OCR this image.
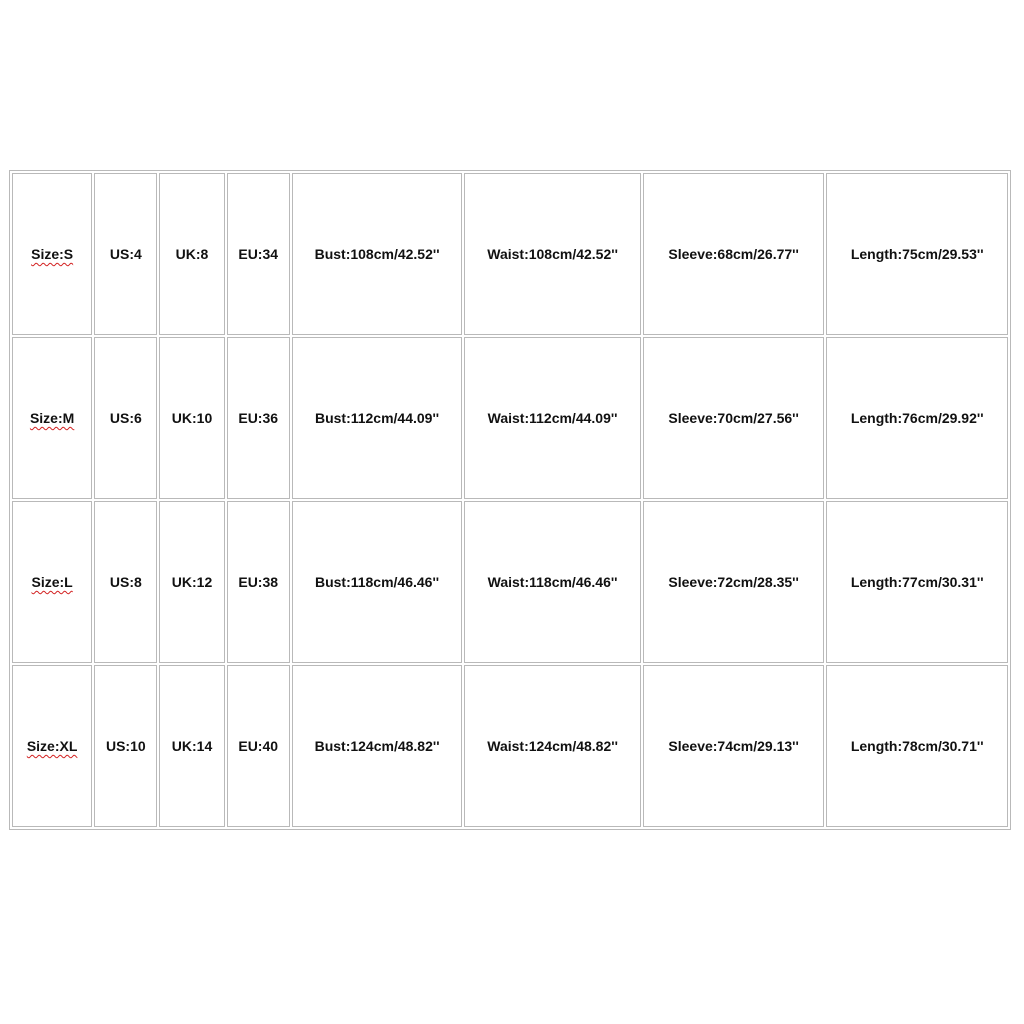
Size:S	US:4	UK:8	EU:34	Bust:108cm/42.52''	Waist:108cm/42.52''	Sleeve:68cm/26.77''	Length:75cm/29.53''
Size:M	US:6	UK:10	EU:36	Bust:112cm/44.09''	Waist:112cm/44.09''	Sleeve:70cm/27.56''	Length:76cm/29.92''
Size:L	US:8	UK:12	EU:38	Bust:118cm/46.46''	Waist:118cm/46.46''	Sleeve:72cm/28.35''	Length:77cm/30.31''
Size:XL	US:10	UK:14	EU:40	Bust:124cm/48.82''	Waist:124cm/48.82''	Sleeve:74cm/29.13''	Length:78cm/30.71''
